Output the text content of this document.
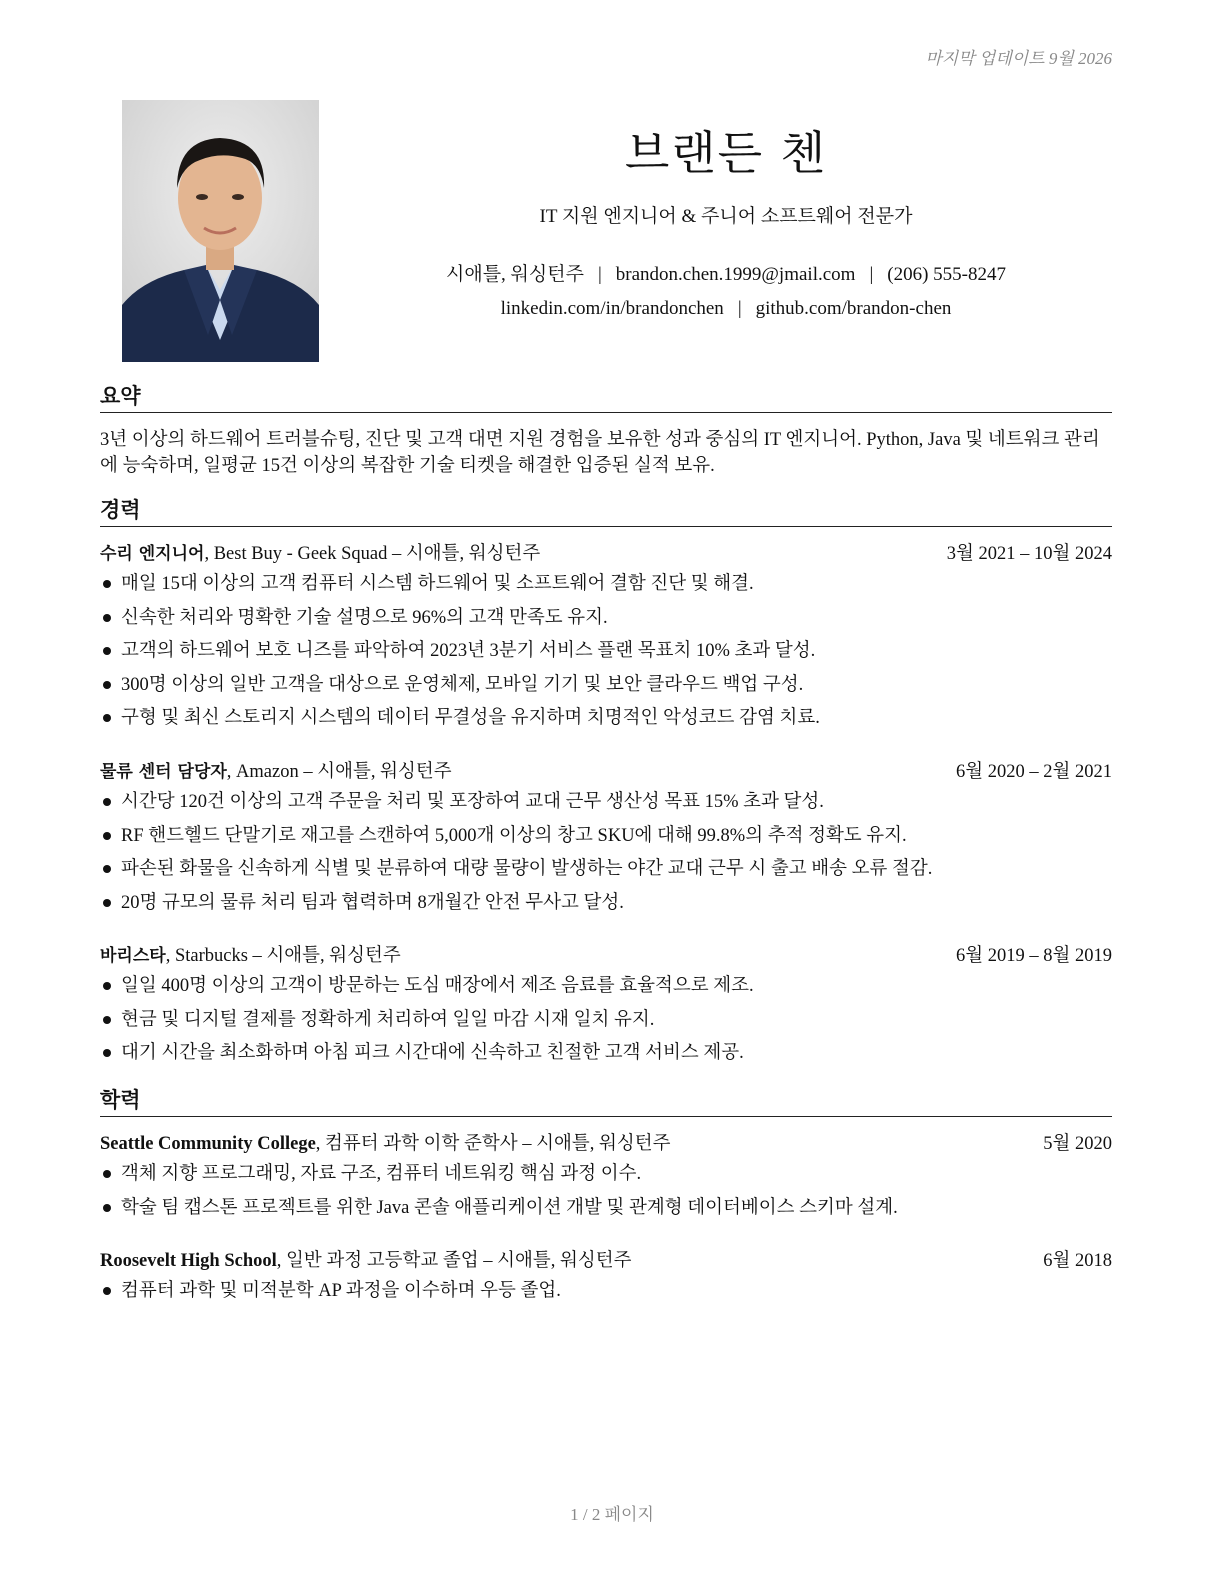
마지막 업데이트 9월 2026
브랜든 첸
IT 지원 엔지니어 & 주니어 소프트웨어 전문가
시애틀, 워싱턴주 | brandon.chen.1999@jmail.com | (206) 555-8247
linkedin.com/in/brandonchen | github.com/brandon-chen
요약
3년 이상의 하드웨어 트러블슈팅, 진단 및 고객 대면 지원 경험을 보유한 성과 중심의 IT 엔지니어. Python, Java 및 네트워크 관리에 능숙하며, 일평균 15건 이상의 복잡한 기술 티켓을 해결한 입증된 실적 보유.
경력
수리 엔지니어, Best Buy - Geek Squad – 시애틀, 워싱턴주	3월 2021 – 10월 2024
매일 15대 이상의 고객 컴퓨터 시스템 하드웨어 및 소프트웨어 결함 진단 및 해결.
신속한 처리와 명확한 기술 설명으로 96%의 고객 만족도 유지.
고객의 하드웨어 보호 니즈를 파악하여 2023년 3분기 서비스 플랜 목표치 10% 초과 달성.
300명 이상의 일반 고객을 대상으로 운영체제, 모바일 기기 및 보안 클라우드 백업 구성.
구형 및 최신 스토리지 시스템의 데이터 무결성을 유지하며 치명적인 악성코드 감염 치료.
물류 센터 담당자, Amazon – 시애틀, 워싱턴주	6월 2020 – 2월 2021
시간당 120건 이상의 고객 주문을 처리 및 포장하여 교대 근무 생산성 목표 15% 초과 달성.
RF 핸드헬드 단말기로 재고를 스캔하여 5,000개 이상의 창고 SKU에 대해 99.8%의 추적 정확도 유지.
파손된 화물을 신속하게 식별 및 분류하여 대량 물량이 발생하는 야간 교대 근무 시 출고 배송 오류 절감.
20명 규모의 물류 처리 팀과 협력하며 8개월간 안전 무사고 달성.
바리스타, Starbucks – 시애틀, 워싱턴주	6월 2019 – 8월 2019
일일 400명 이상의 고객이 방문하는 도심 매장에서 제조 음료를 효율적으로 제조.
현금 및 디지털 결제를 정확하게 처리하여 일일 마감 시재 일치 유지.
대기 시간을 최소화하며 아침 피크 시간대에 신속하고 친절한 고객 서비스 제공.
학력
Seattle Community College, 컴퓨터 과학 이학 준학사 – 시애틀, 워싱턴주	5월 2020
객체 지향 프로그래밍, 자료 구조, 컴퓨터 네트워킹 핵심 과정 이수.
학술 팀 캡스톤 프로젝트를 위한 Java 콘솔 애플리케이션 개발 및 관계형 데이터베이스 스키마 설계.
Roosevelt High School, 일반 과정 고등학교 졸업 – 시애틀, 워싱턴주	6월 2018
컴퓨터 과학 및 미적분학 AP 과정을 이수하며 우등 졸업.
1 / 2 페이지
